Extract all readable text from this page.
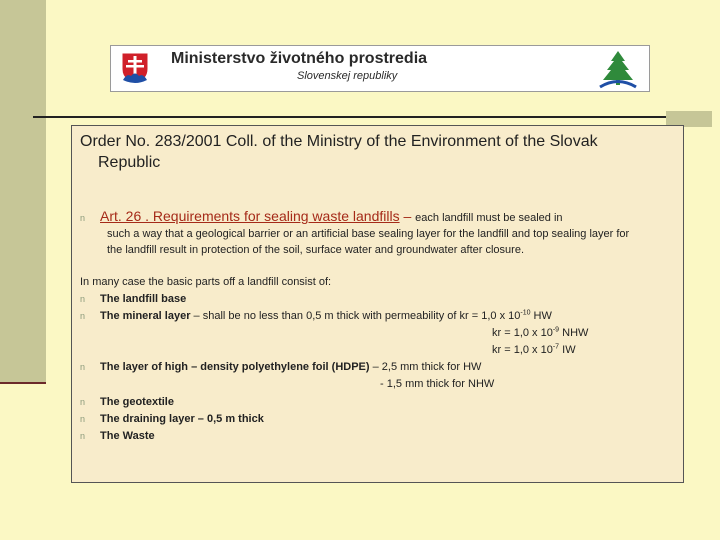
Ministerstvo životného prostredia
Slovenskej republiky
Order No. 283/2001 Coll. of the Ministry of the Environment of the Slovak
Republic
n Art. 26 . Requirements for sealing waste landfills – each landfill must be sealed in
such a way that a geological barrier or an artificial base sealing layer for the landfill and top sealing layer for
the landfill result in protection of the soil, surface water and groundwater after closure.
In many case the basic parts off a landfill consist of:
n The landfill base
n The mineral layer – shall be no less than 0,5 m thick with permeability of kr = 1,0 x $10^{-10}$ HW
kr = 1,0 x $10^{-9}$ NHW
kr = 1,0 x $10^{-7}$ IW
n The layer of high – density polyethylene foil (HDPE) – 2,5 mm thick for HW
- 1,5 mm thick for NHW
n The geotextile
n The draining layer – 0,5 m thick
n The Waste
